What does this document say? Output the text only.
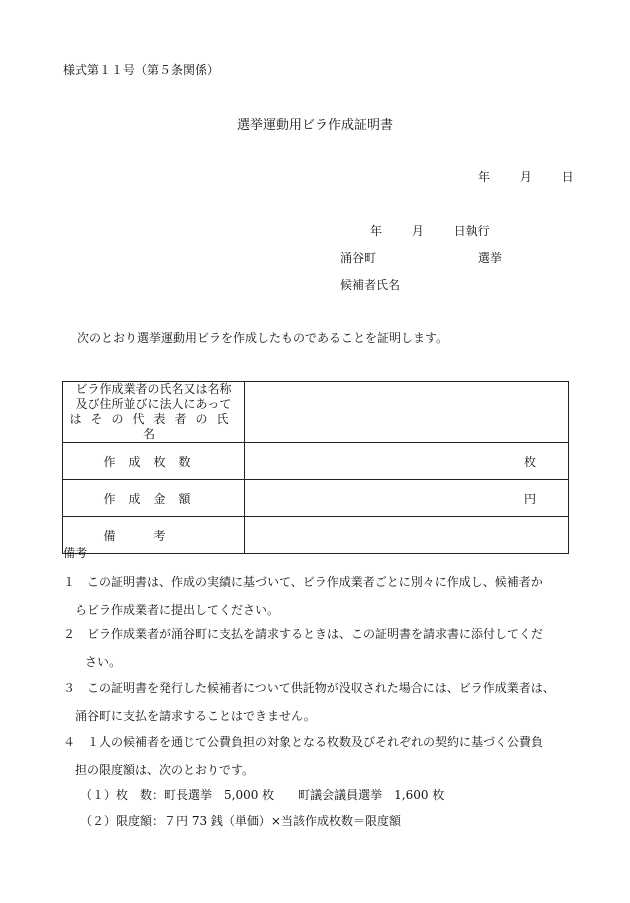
様式第１１号（第５条関係）
選挙運動用ビラ作成証明書
年 月 日
年 月 日執行
涌谷町 選挙
候補者氏名
次のとおり選挙運動用ビラを作成したものであることを証明します。
ビラ作成業者の氏名又は名称
及び住所並びに法人にあって
はその代表者の氏名	

作成枚数	枚
作成金額	円
備考	
備考
１ この証明書は、作成の実績に基づいて、ビラ作成業者ごとに別々に作成し、候補者か
らビラ作成業者に提出してください。
２ ビラ作成業者が涌谷町に支払を請求するときは、この証明書を請求書に添付してくだ
さい。
３ この証明書を発行した候補者について供託物が没収された場合には、ビラ作成業者は、
涌谷町に支払を請求することはできません。
４ １人の候補者を通じて公費負担の対象となる枚数及びそれぞれの契約に基づく公費負
担の限度額は、次のとおりです。
（１）枚　数：町長選挙　5,000 枚　　町議会議員選挙　1,600 枚
（２）限度額：７円 73 銭（単価）×当該作成枚数＝限度額
